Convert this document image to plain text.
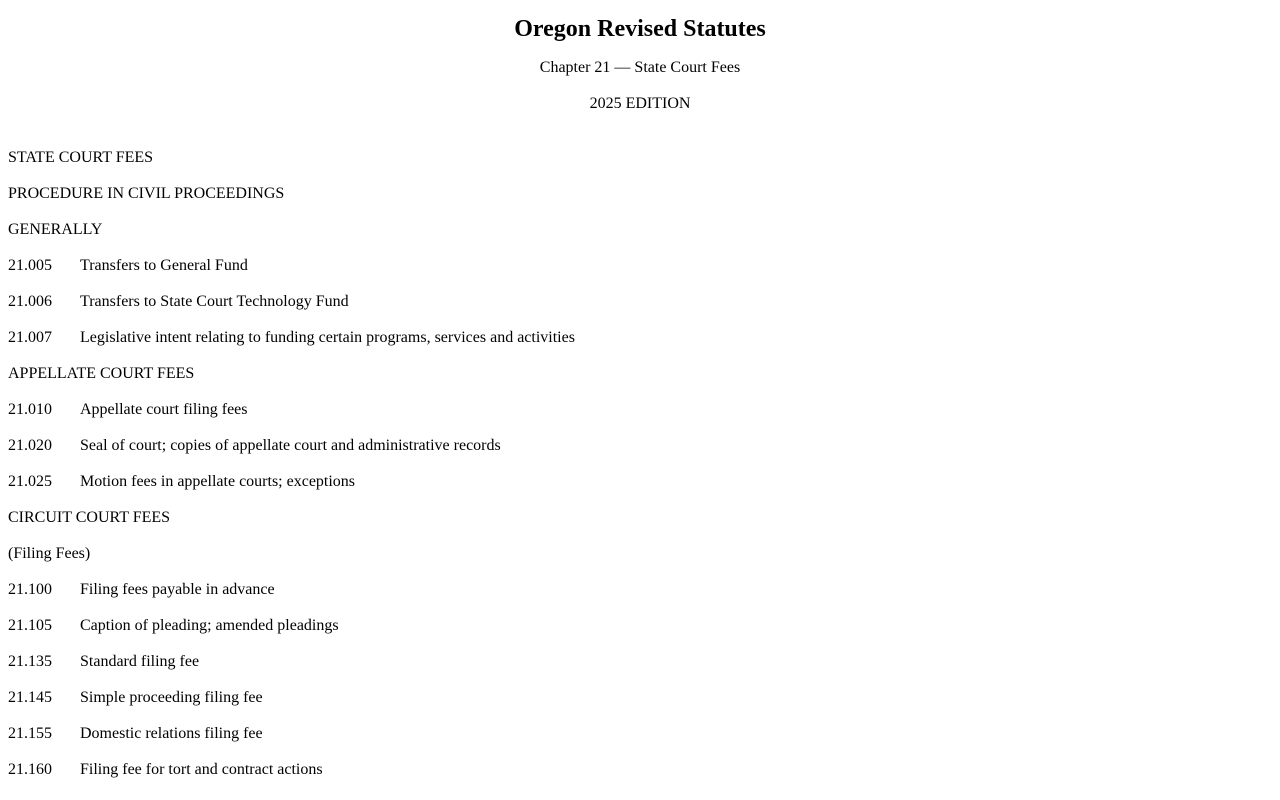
Oregon Revised Statutes

Chapter 21 — State Court Fees

2025 EDITION

STATE COURT FEES
PROCEDURE IN CIVIL PROCEEDINGS
GENERALLY
21.005 Transfers to General Fund
21.006 Transfers to State Court Technology Fund
21.007 Legislative intent relating to funding certain programs, services and activities
APPELLATE COURT FEES
21.010 Appellate court filing fees
21.020 Seal of court; copies of appellate court and administrative records
21.025 Motion fees in appellate courts; exceptions
CIRCUIT COURT FEES
(Filing Fees)
21.100 Filing fees payable in advance
21.105 Caption of pleading; amended pleadings
21.135 Standard filing fee
21.145 Simple proceeding filing fee
21.155 Domestic relations filing fee
21.160 Filing fee for tort and contract actions
